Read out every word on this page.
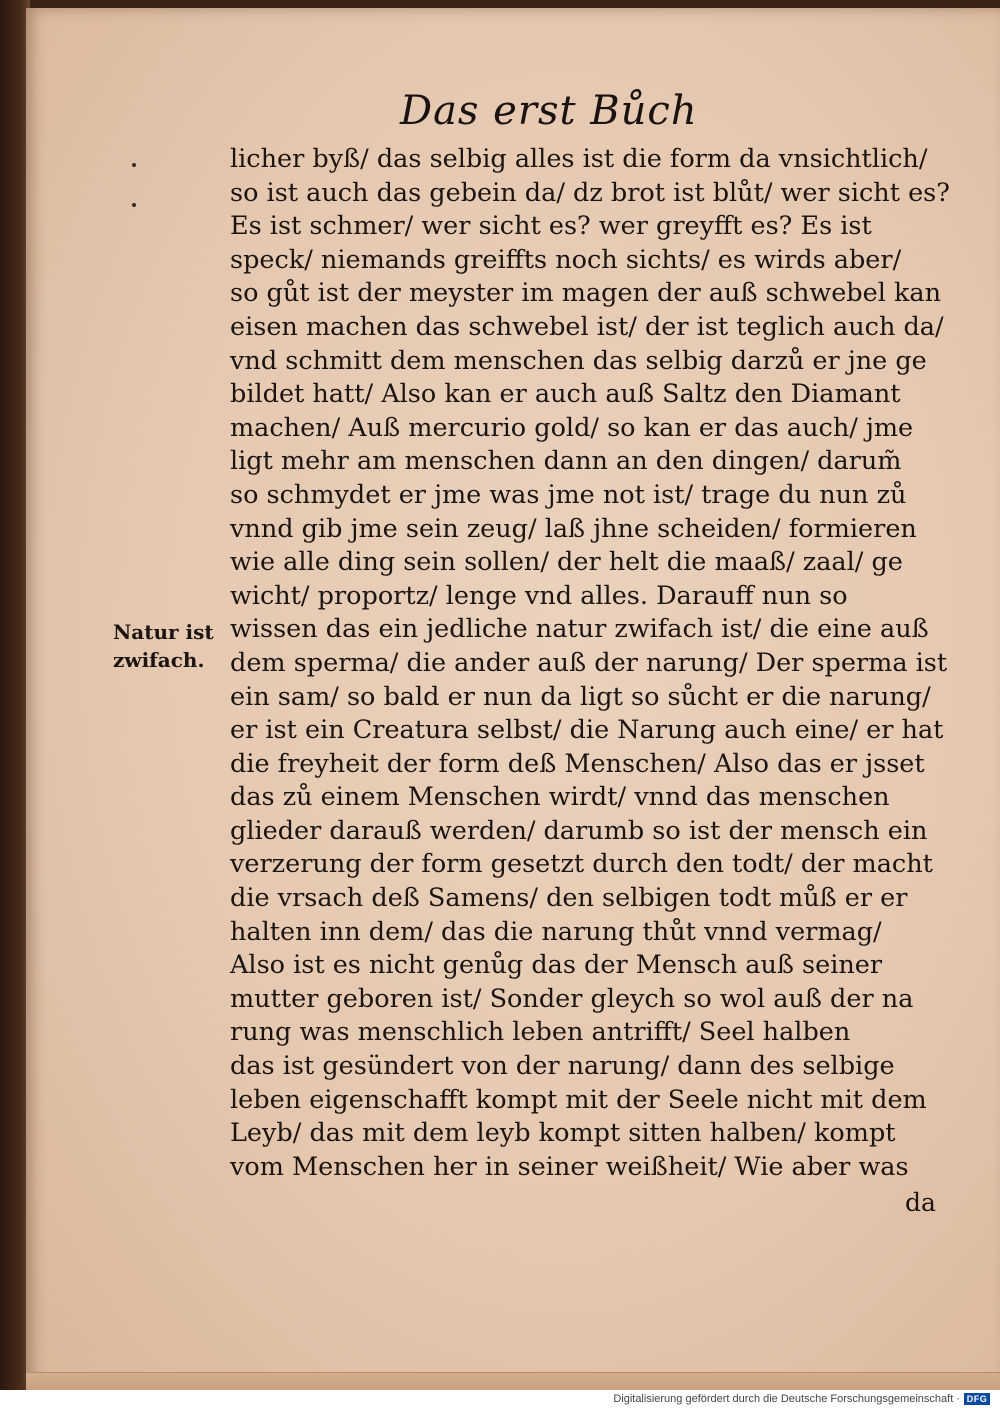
Das erst Bůch
Natur ist
zwifach.
licher byß/ das selbig alles ist die form da vnsichtlich/
so ist auch das gebein da/ dz brot ist blůt/ wer sicht es?
Es ist schmer/ wer sicht es? wer greyfft es? Es ist
speck/ niemands greiffts noch sichts/ es wirds aber/
so gůt ist der meyster im magen der auß schwebel kan
eisen machen das schwebel ist/ der ist teglich auch da/
vnd schmitt dem menschen das selbig darzů er jne ge
bildet hatt/ Also kan er auch auß Saltz den Diamant
machen/ Auß mercurio gold/ so kan er das auch/ jme
ligt mehr am menschen dann an den dingen/ darum̃
so schmydet er jme was jme not ist/ trage du nun zů
vnnd gib jme sein zeug/ laß jhne scheiden/ formieren
wie alle ding sein sollen/ der helt die maaß/ zaal/ ge
wicht/ proportz/ lenge vnd alles. Darauff nun so
wissen das ein jedliche natur zwifach ist/ die eine auß
dem sperma/ die ander auß der narung/ Der sperma ist
ein sam/ so bald er nun da ligt so sůcht er die narung/
er ist ein Creatura selbst/ die Narung auch eine/ er hat
die freyheit der form deß Menschen/ Also das er jsset
das zů einem Menschen wirdt/ vnnd das menschen
glieder darauß werden/ darumb so ist der mensch ein
verzerung der form gesetzt durch den todt/ der macht
die vrsach deß Samens/ den selbigen todt můß er er
halten inn dem/ das die narung thůt vnnd vermag/
Also ist es nicht genůg das der Mensch auß seiner
mutter geboren ist/ Sonder gleych so wol auß der na
rung was menschlich leben antrifft/ Seel halben
das ist gesündert von der narung/ dann des selbige
leben eigenschafft kompt mit der Seele nicht mit dem
Leyb/ das mit dem leyb kompt sitten halben/ kompt
vom Menschen her in seiner weißheit/ Wie aber was
da
Digitalisierung gefördert durch die Deutsche Forschungsgemeinschaft · DFG
